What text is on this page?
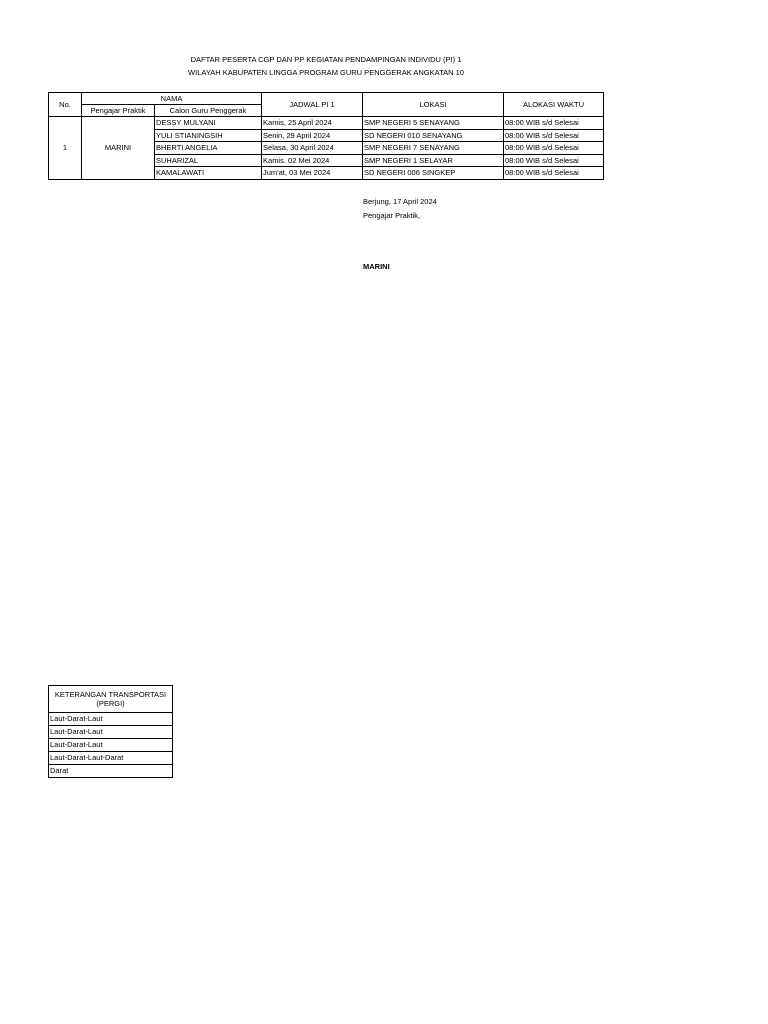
DAFTAR PESERTA CGP DAN PP KEGIATAN PENDAMPINGAN INDIVIDU (PI) 1
WILAYAH KABUPATEN LINGGA PROGRAM GURU PENGGERAK ANGKATAN 10
No.	NAMA		JADWAL PI 1	LOKASI	ALOKASI WAKTU
	Pengajar Praktik	Calon Guru Penggerak			
1	MARINI	DESSY MULYANI	Kamis, 25 April 2024	SMP NEGERI 5 SENAYANG	08:00 WIB s/d Selesai
		YULI STIANINGSIH	Senin, 29 April 2024	SD NEGERI 010 SENAYANG	08:00 WIB s/d Selesai
		BHERTI ANGELIA	Selasa, 30 April 2024	SMP NEGERI 7 SENAYANG	08:00 WIB s/d Selesai
		SUHARIZAL	Kamis. 02 Mei 2024	SMP NEGERI 1 SELAYAR	08:00 WIB s/d Selesai
		KAMALAWATI	Jum'at, 03 Mei 2024	SD NEGERI 006 SINGKEP	08:00 WIB s/d Selesai
Berjung, 17 April 2024
Pengajar Praktik,
MARINI
KETERANGAN TRANSPORTASI (PERGI)
Laut-Darat-Laut
Laut-Darat-Laut
Laut-Darat-Laut
Laut-Darat-Laut-Darat
Darat
